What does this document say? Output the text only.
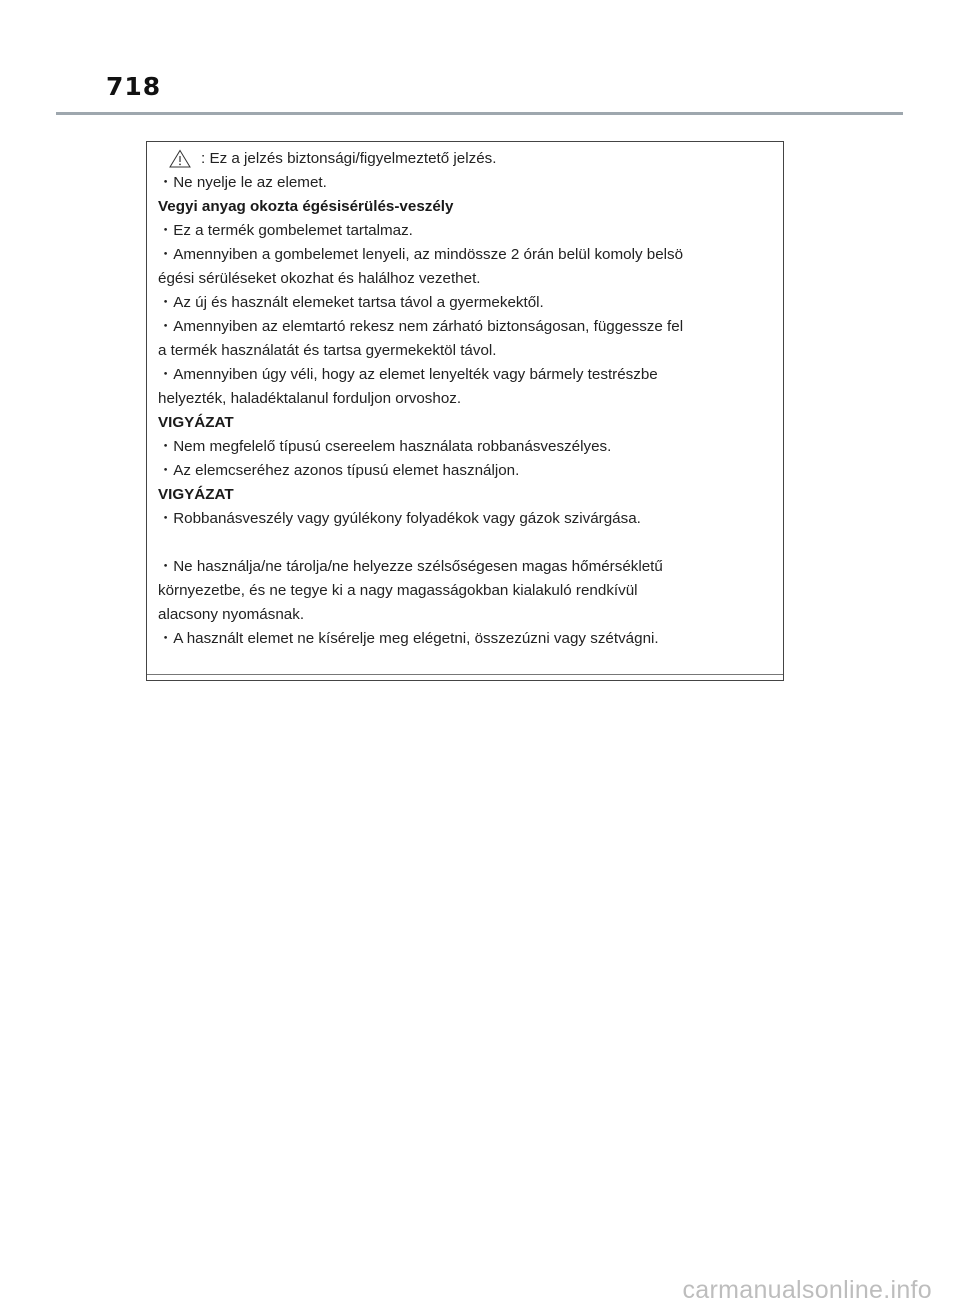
718
: Ez a jelzés biztonsági/figyelmeztető jelzés.
・Ne nyelje le az elemet.
Vegyi anyag okozta égésisérülés-veszély
・Ez a termék gombelemet tartalmaz.
・Amennyiben a gombelemet lenyeli, az mindössze 2 órán belül komoly belsö
égési sérüléseket okozhat és halálhoz vezethet.
・Az új és használt elemeket tartsa távol a gyermekektől.
・Amennyiben az elemtartó rekesz nem zárható biztonságosan, függesszе fel
a termék használatát és tartsa gyermekektöl távol.
・Amennyiben úgy véli, hogy az elemet lenyelték vagy bármely testrészbe
helyezték, haladéktalanul forduljon orvoshoz.
VIGYÁZAT
・Nem megfelelő típusú csereelem használata robbanásveszélyes.
・Az elemcseréhez azonos típusú elemet használjon.
VIGYÁZAT
・Robbanásveszély vagy gyúlékony folyadékok vagy gázok szivárgása.
・Ne használja/ne tárolja/ne helyezze szélsőségesen magas hőmérsékletű
környezetbe, és ne tegye ki a nagy magasságokban kialakuló rendkívül
alacsony nyomásnak.
・A használt elemet ne kísérelje meg elégetni, összezúzni vagy szétvágni.
carmanualsonline.info
